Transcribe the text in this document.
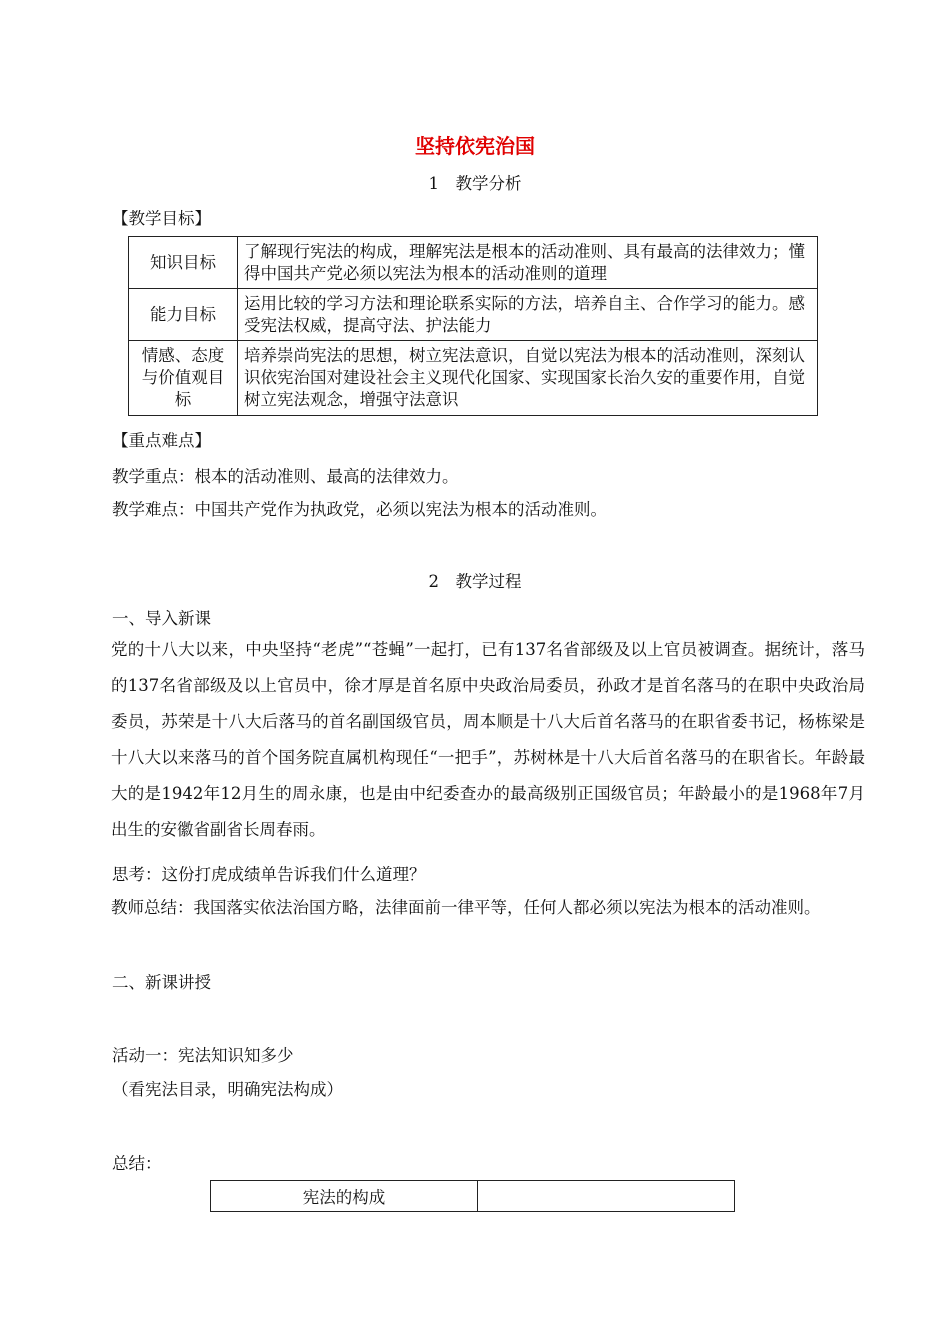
坚持依宪治国
1　教学分析
【教学目标】
知识目标	了解现行宪法的构成，理解宪法是根本的活动准则、具有最高的法律效力；懂得中国共产党必须以宪法为根本的活动准则的道理
能力目标	运用比较的学习方法和理论联系实际的方法，培养自主、合作学习的能力。感受宪法权威，提高守法、护法能力
情感、态度与价值观目标	培养崇尚宪法的思想，树立宪法意识，自觉以宪法为根本的活动准则，深刻认识依宪治国对建设社会主义现代化国家、实现国家长治久安的重要作用，自觉树立宪法观念，增强守法意识
【重点难点】
教学重点：根本的活动准则、最高的法律效力。
教学难点：中国共产党作为执政党，必须以宪法为根本的活动准则。
2　教学过程
一、导入新课

党的十八大以来，中央坚持“老虎”“苍蝇”一起打，已有137名省部级及以上官员被调查。据统计，落马的137名省部级及以上官员中，徐才厚是首名原中央政治局委员，孙政才是首名落马的在职中央政治局委员，苏荣是十八大后落马的首名副国级官员，周本顺是十八大后首名落马的在职省委书记，杨栋梁是十八大以来落马的首个国务院直属机构现任“一把手”，苏树林是十八大后首名落马的在职省长。年龄最大的是1942年12月生的周永康，也是由中纪委查办的最高级别正国级官员；年龄最小的是1968年7月出生的安徽省副省长周春雨。

思考：这份打虎成绩单告诉我们什么道理？

教师总结：我国落实依法治国方略，法律面前一律平等，任何人都必须以宪法为根本的活动准则。

二、新课讲授
活动一：宪法知识知多少
（看宪法目录，明确宪法构成）
总结：
宪法的构成	
